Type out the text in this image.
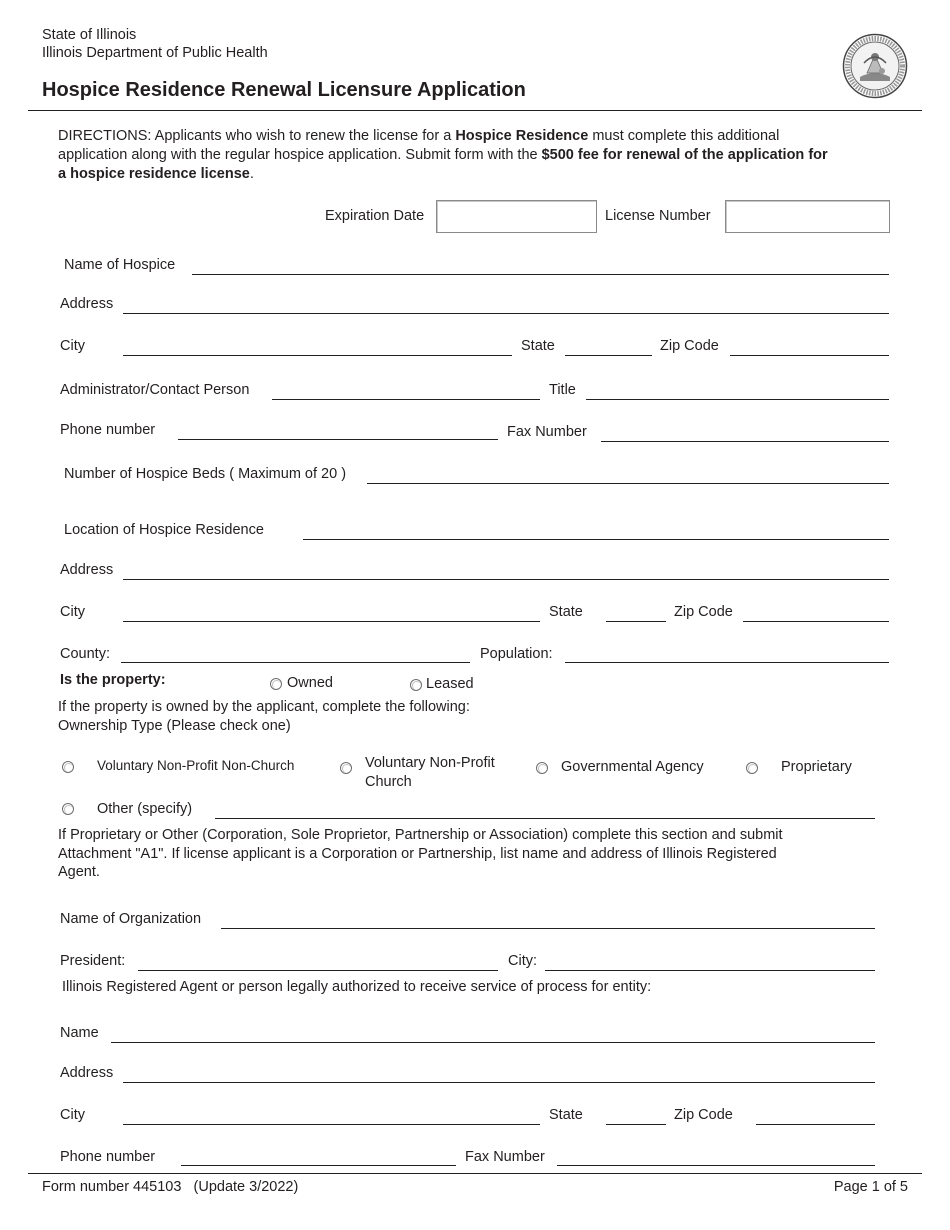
State of Illinois
Illinois Department of Public Health
Hospice Residence Renewal Licensure Application
DIRECTIONS: Applicants who wish to renew the license for a Hospice Residence must complete this additional
application along with the regular hospice application. Submit form with the $500 fee for renewal of the application for
a hospice residence license.
Expiration Date	License Number
Name of Hospice
Address
City	State	Zip Code
Administrator/Contact Person	Title
Phone number	Fax Number
Number of Hospice Beds ( Maximum of 20 )
Location of Hospice Residence
Address
City	State	Zip Code
County:	Population:
Is the property:	Owned	Leased
If the property is owned by the applicant, complete the following:
Ownership Type (Please check one)
Voluntary Non-Profit Non-Church	Voluntary Non-Profit
Church
Governmental Agency	Proprietary
Other (specify)
If Proprietary or Other (Corporation, Sole Proprietor, Partnership or Association) complete this section and submit
Attachment "A1". If license applicant is a Corporation or Partnership, list name and address of Illinois Registered
Agent.
Name of Organization
President:	City:
Illinois Registered Agent or person legally authorized to receive service of process for entity:
Name
Address
City	State	Zip Code
Phone number	Fax Number
Form number 445103   (Update 3/2022)	Page 1 of 5
